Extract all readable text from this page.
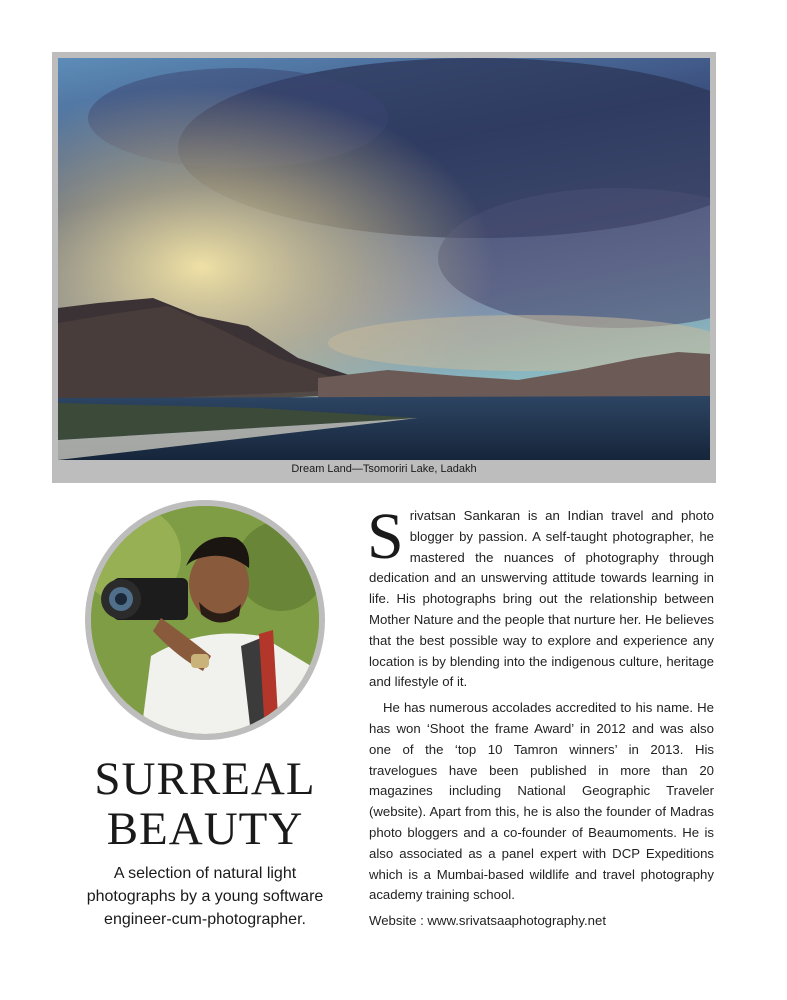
Dream Land—Tsomoriri Lake, Ladakh
SURREAL
BEAUTY
A selection of natural light photographs by a young software engineer-cum-photographer.

Srivatsan Sankaran is an Indian travel and photo blogger by passion. A self-taught photographer, he mastered the nuances of photography through dedication and an unswerving attitude towards learning in life. His photographs bring out the relationship between Mother Nature and the people that nurture her. He believes that the best possible way to explore and experience any location is by blending into the indigenous culture, heritage and lifestyle of it.

He has numerous accolades accredited to his name. He has won ‘Shoot the frame Award’ in 2012 and was also one of the ‘top 10 Tamron winners’ in 2013. His travelogues have been published in more than 20 magazines including National Geographic Traveler (website). Apart from this, he is also the founder of Madras photo bloggers and a co-founder of Beaumoments. He is also associated as a panel expert with DCP Expeditions which is a Mumbai-based wildlife and travel photography academy training school.

Website : www.srivatsaaphotography.net
